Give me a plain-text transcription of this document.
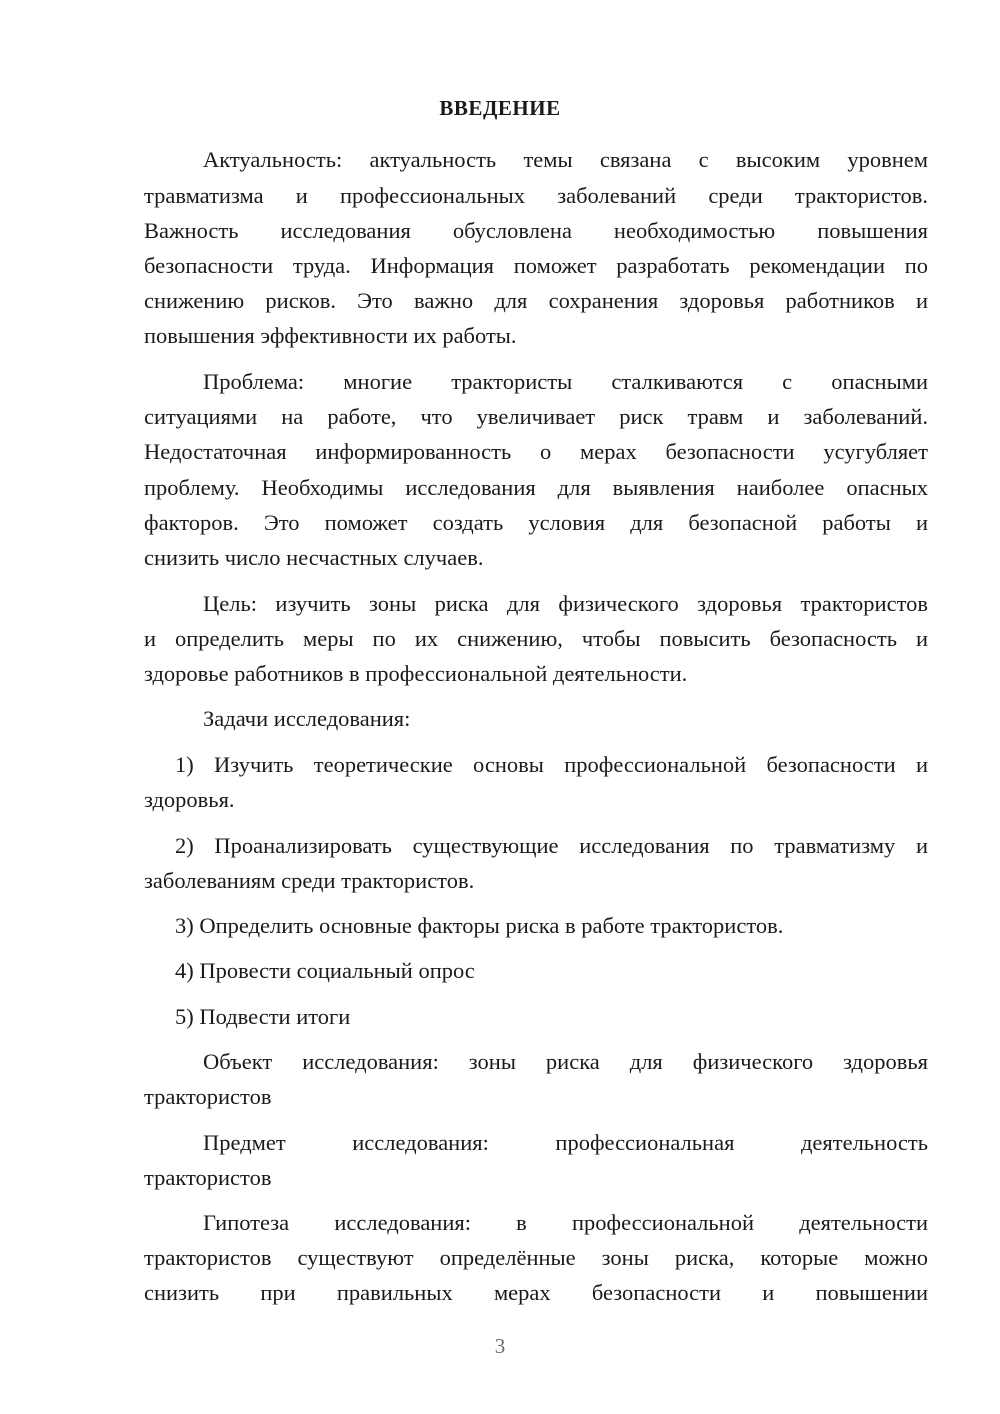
ВВЕДЕНИЕ
Актуальность: актуальность темы связана с высоким уровнем
травматизма и профессиональных заболеваний среди трактористов.
Важность исследования обусловлена необходимостью повышения
безопасности труда. Информация поможет разработать рекомендации по
снижению рисков. Это важно для сохранения здоровья работников и
повышения эффективности их работы.
Проблема: многие трактористы сталкиваются с опасными
ситуациями на работе, что увеличивает риск травм и заболеваний.
Недостаточная информированность о мерах безопасности усугубляет
проблему. Необходимы исследования для выявления наиболее опасных
факторов. Это поможет создать условия для безопасной работы и
снизить число несчастных случаев.
Цель: изучить зоны риска для физического здоровья трактористов
и определить меры по их снижению, чтобы повысить безопасность и
здоровье работников в профессиональной деятельности.
Задачи исследования:
1) Изучить теоретические основы профессиональной безопасности и
здоровья.
2) Проанализировать существующие исследования по травматизму и
заболеваниям среди трактористов.
3) Определить основные факторы риска в работе трактористов.
4) Провести социальный опрос
5) Подвести итоги
Объект исследования: зоны риска для физического здоровья
трактористов
Предмет исследования: профессиональная деятельность
трактористов
Гипотеза исследования: в профессиональной деятельности
трактористов существуют определённые зоны риска, которые можно
снизить при правильных мерах безопасности и повышении
3
